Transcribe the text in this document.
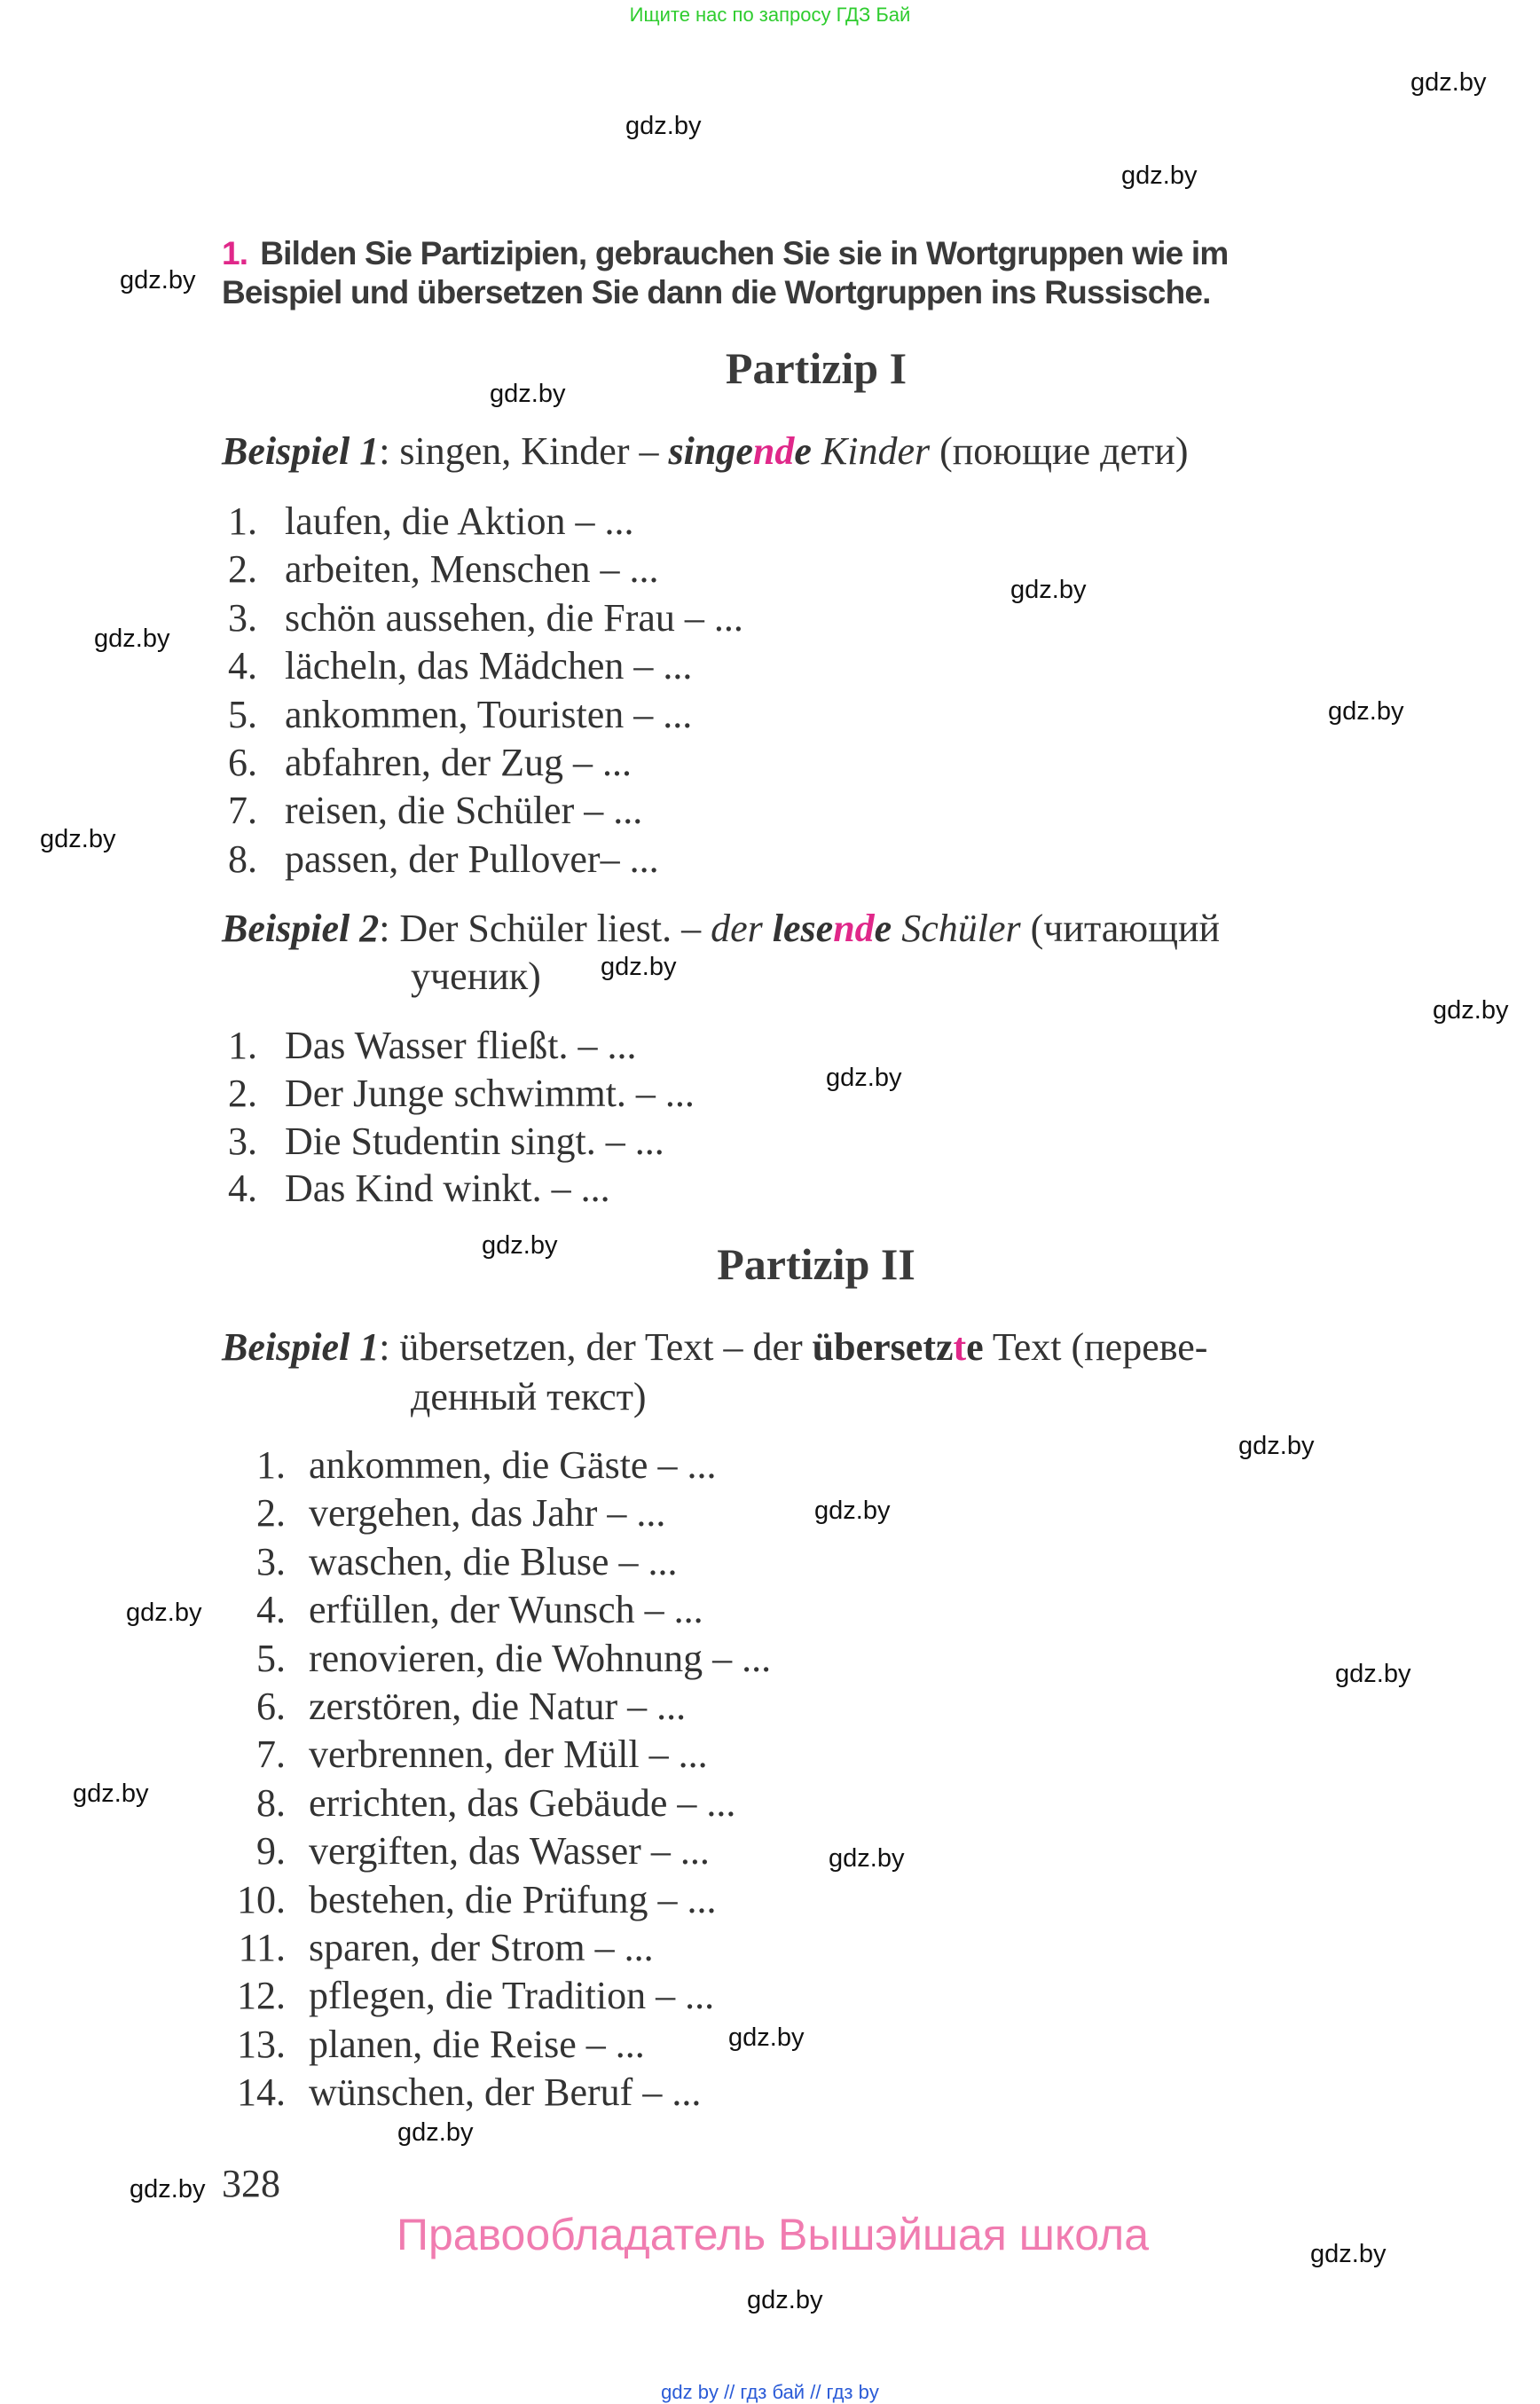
Ищите нас по запросу ГДЗ Бай
gdz.by
gdz.by
gdz.by
gdz.by
gdz.by
gdz.by
gdz.by
gdz.by
gdz.by
gdz.by
gdz.by
gdz.by
gdz.by
gdz.by
gdz.by
gdz.by
gdz.by
gdz.by
gdz.by
gdz.by
gdz.by
gdz.by
gdz.by
gdz.by
1. Bilden Sie Partizipien, gebrauchen Sie sie in Wortgruppen wie im
Beispiel und übersetzen Sie dann die Wortgruppen ins Russische.
Partizip I
Beispiel 1: singen, Kinder – singende Kinder (поющие дети)
1. laufen, die Aktion – ...
2. arbeiten, Menschen – ...
3. schön aussehen, die Frau – ...
4. lächeln, das Mädchen – ...
5. ankommen, Touristen – ...
6. abfahren, der Zug – ...
7. reisen, die Schüler – ...
8. passen, der Pullover– ...
Beispiel 2: Der Schüler liest. – der lesende Schüler (читающий
ученик)
1. Das Wasser fließt. – ...
2. Der Junge schwimmt. – ...
3. Die Studentin singt. – ...
4. Das Kind winkt. – ...
Partizip II
Beispiel 1: übersetzen, der Text – der übersetzte Text (переве-
денный текст)
1. ankommen, die Gäste – ...
2. vergehen, das Jahr – ...
3. waschen, die Bluse – ...
4. erfüllen, der Wunsch – ...
5. renovieren, die Wohnung – ...
6. zerstören, die Natur – ...
7. verbrennen, der Müll – ...
8. errichten, das Gebäude – ...
9. vergiften, das Wasser – ...
10. bestehen, die Prüfung – ...
11. sparen, der Strom – ...
12. pflegen, die Tradition – ...
13. planen, die Reise – ...
14. wünschen, der Beruf – ...
328
Правообладатель Вышэйшая школа
gdz by // гдз бай // гдз by
